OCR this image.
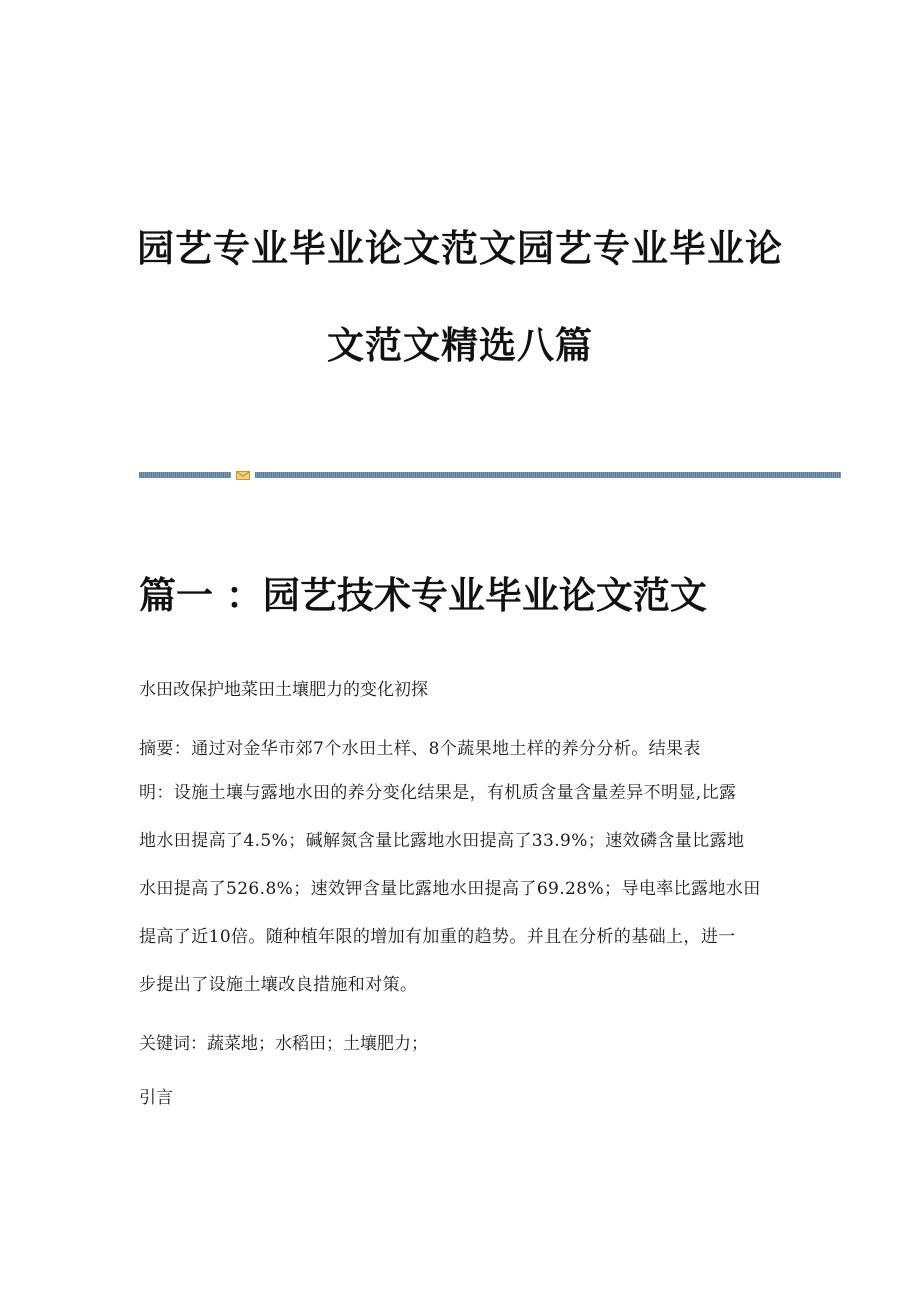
园艺专业毕业论文范文园艺专业毕业论
文范文精选八篇
篇一 ：园艺技术专业毕业论文范文
水田改保护地菜田土壤肥力的变化初探
摘要：通过对金华市郊7个水田土样、8个蔬果地土样的养分分析。结果表
明：设施土壤与露地水田的养分变化结果是，有机质含量含量差异不明显,比露
地水田提高了4.5%；碱解氮含量比露地水田提高了33.9%；速效磷含量比露地
水田提高了526.8%；速效钾含量比露地水田提高了69.28%；导电率比露地水田
提高了近10倍。随种植年限的增加有加重的趋势。并且在分析的基础上，进一
步提出了设施土壤改良措施和对策。
关键词：蔬菜地；水稻田；土壤肥力；
引言
